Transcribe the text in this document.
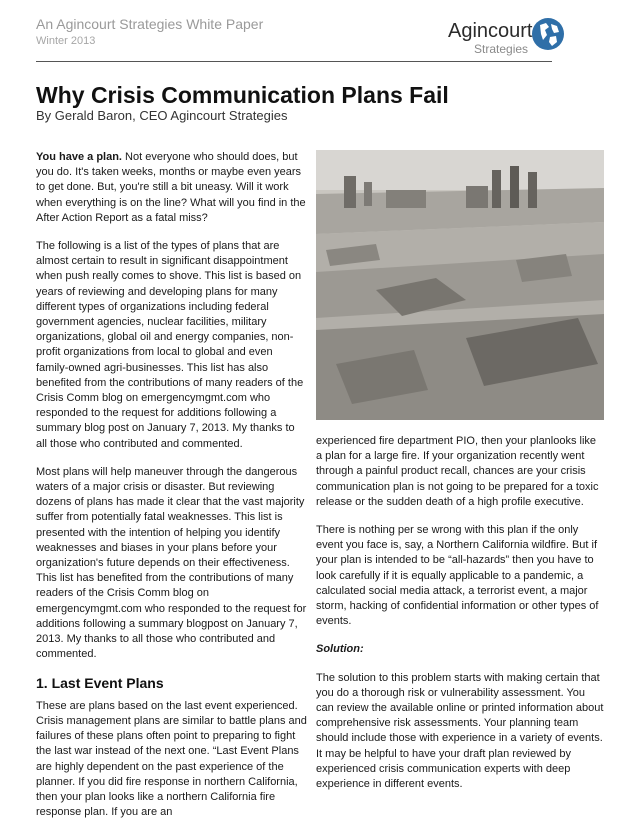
An Agincourt Strategies White Paper
Winter 2013	Agincourt
Strategies
Why Crisis Communication Plans Fail
By Gerald Baron, CEO Agincourt Strategies

You have a plan. Not everyone who should does, but you do. It's taken weeks, months or maybe even years to get done. But, you're still a bit uneasy. Will it work when everything is on the line? What will you find in the After Action Report as a fatal miss?

The following is a list of the types of plans that are almost certain to result in significant disappointment when push really comes to shove. This list is based on years of reviewing and developing plans for many different types of organizations including federal government agencies, nuclear facilities, military organizations, global oil and energy companies, non-profit organizations from local to global and even family-owned agri-businesses. This list has also benefited from the contributions of many readers of the Crisis Comm blog on emergencymgmt.com who responded to the request for additions following a summary blog post on January 7, 2013. My thanks to all those who contributed and commented.

Most plans will help maneuver through the dangerous waters of a major crisis or disaster. But reviewing dozens of plans has made it clear that the vast majority suffer from potentially fatal weaknesses. This list is presented with the intention of helping you identify weaknesses and biases in your plans before your organization's future depends on their effectiveness. This list has benefited from the contributions of many readers of the Crisis Comm blog on emergencymgmt.com who responded to the request for additions following a summary blogpost on January 7, 2013. My thanks to all those who contributed and commented.

1. Last Event Plans

These are plans based on the last event experienced. Crisis management plans are similar to battle plans and failures of these plans often point to preparing to fight the last war instead of the next one. “Last Event Plans are highly dependent on the past experience of the planner. If you did fire response in northern California, then your plan looks like a northern California fire response plan. If you are an

experienced fire department PIO, then your planlooks like a plan for a large fire. If your organization recently went through a painful product recall, chances are your crisis communication plan is not going to be prepared for a toxic release or the sudden death of a high profile executive.

There is nothing per se wrong with this plan if the only event you face is, say, a Northern California wildfire. But if your plan is intended to be “all-hazards” then you have to look carefully if it is equally applicable to a pandemic, a calculated social media attack, a terrorist event, a major storm, hacking of confidential information or other types of events.

Solution:

The solution to this problem starts with making certain that you do a thorough risk or vulnerability assessment. You can review the available online or printed information about comprehensive risk assessments. Your planning team should include those with experience in a variety of events. It may be helpful to have your draft plan reviewed by experienced crisis communication experts with deep experience in different events.
